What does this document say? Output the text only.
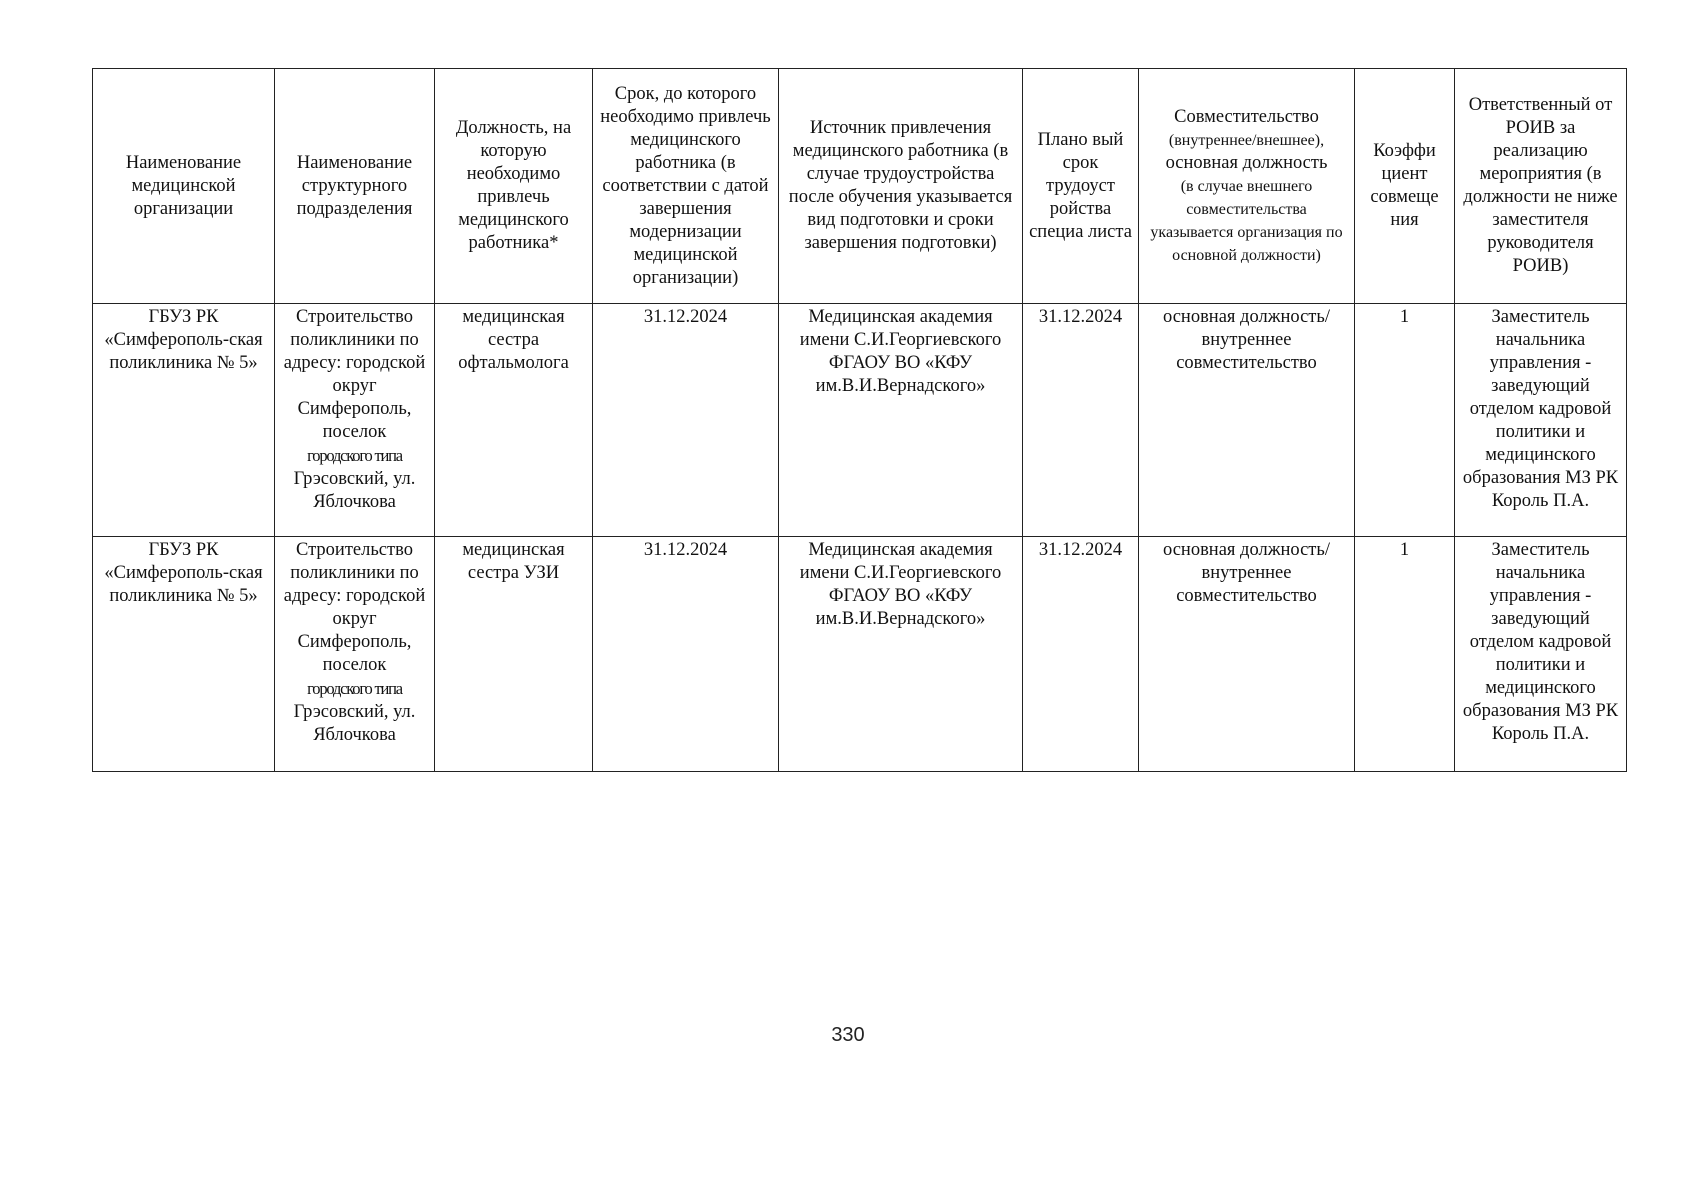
Наименование медицинской организации	Наименование структурного подразделения	Должность, на которую необходимо привлечь медицинского работника*	Срок, до которого необходимо привлечь медицинского работника (в соответствии с датой завершения модернизации медицинской организации)	Источник привлечения медицинского работника (в случае трудоустройства после обучения указывается вид подготовки и сроки завершения подготовки)	Плано вый срок трудоуст ройства специа листа	Совместительство
(внутреннее/внешнее),
основная должность
(в случае внешнего совместительства указывается организация по основной должности)	Коэффи циент совмеще ния	Ответственный от РОИВ за реализацию мероприятия (в должности не ниже заместителя руководителя РОИВ)
ГБУЗ РК «Симферополь-ская поликлиника № 5»	Строительство поликлиники по адресу: городской округ Симферополь, поселок
городского типа
Грэсовский, ул. Яблочкова	медицинская сестра офтальмолога	31.12.2024	Медицинская академия имени С.И.Георгиевского ФГАОУ ВО «КФУ им.В.И.Вернадского»	31.12.2024	основная должность/ внутреннее совместительство	1	Заместитель начальника управления - заведующий отделом кадровой политики и медицинского образования МЗ РК Король П.А.
ГБУЗ РК «Симферополь-ская поликлиника № 5»	Строительство поликлиники по адресу: городской округ Симферополь, поселок
городского типа
Грэсовский, ул. Яблочкова	медицинская сестра УЗИ	31.12.2024	Медицинская академия имени С.И.Георгиевского ФГАОУ ВО «КФУ им.В.И.Вернадского»	31.12.2024	основная должность/ внутреннее совместительство	1	Заместитель начальника управления - заведующий отделом кадровой политики и медицинского образования МЗ РК Король П.А.
330
